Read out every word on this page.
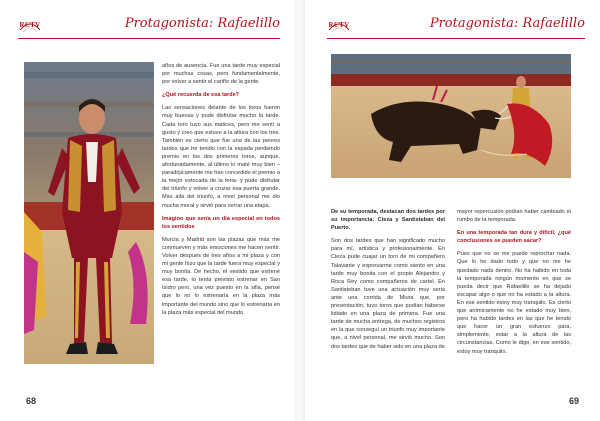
RCTV	Protagonista: Rafaelillo

años de ausencia. Fue una tarde muy especial por muchas cosas, pero fundamentalmente, por volver a sentir el cariño de la gente.

¿Qué recuerda de esa tarde?

Las sensaciones delante de los toros fueron muy buenas y pude disfrutar mucho la tarde. Cada toro tuvo sus matices, pero me sentí a gusto y creo que estuve a la altura con los tres. También es cierto que fue una de las peores tardes que he tenido con la espada perdiendo premio en los dos primeros toros, aunque, afortunadamente, al último lo maté muy bien – paradójicamente me han concedido el premio a la mejor estocada de la feria- y pude disfrutar del triunfo y volver a cruzar esa puerta grande. Más allá del triunfo, a nivel personal me dio mucha moral y sirvió para cerrar una etapa.

Imagino que sería un día especial en todos los sentidos

Murcia y Madrid son las plazas que más me conmueven y más emociones me hacen sentir. Volver después de tres años a mi plaza y con mi gente hizo que la tarde fuera muy especial y muy bonita. De hecho, el vestido que estrené esa tarde, lo tenía previsto estrenar en San Isidro pero, una vez puesto en la silla, pensé que lo no lo estrenaría en la plaza más importante del mundo sino que lo estrenaría en la plaza más especial del mundo.

68
RCTV	Protagonista: Rafaelillo

De su temporada, destacan dos tardes por su importancia: Cieza y Santisteban del Puerto.

Son dos tardes que han significado mucho para mí, artística y profesionalmente. En Cieza pude cuajar un toro de mi compañero Talavante y expresarme como siento en una tarde muy bonita con el propio Alejandro y Roca Rey como compañeros de cartel. En Santisteban tuve una actuación muy seria ante una corrida de Miura que, por presentación, tuvo toros que podían haberse lidiado en una plaza de primera. Fue una tarde de mucha entrega, de muchos registros en la que conseguí un triunfo muy importante que, a nivel personal, me sirvió mucho. Son dos tardes que de haber sido en una plaza de

mayor repercusión podían haber cambiado el rumbo de la temporada.

En una temporada tan dura y difícil, ¿qué conclusiones se pueden sacar?

Pues que no se me puede reprochar nada. Que lo he dado todo y que no me he quedado nada dentro. No ha habido en toda la temporada ningún momento en que se pueda decir que Rafaelillo se ha dejado escapar algo o que no ha estado a la altura. En ese sentido estoy muy tranquilo. Es cierto que anímicamente no he estado muy bien, pero ha habido tardes en las que he tenido que hacer un gran esfuerzo para, simplemente, estar a la altura de las circunstancias. Como le digo, en ese sentido, estoy muy tranquilo.

69
